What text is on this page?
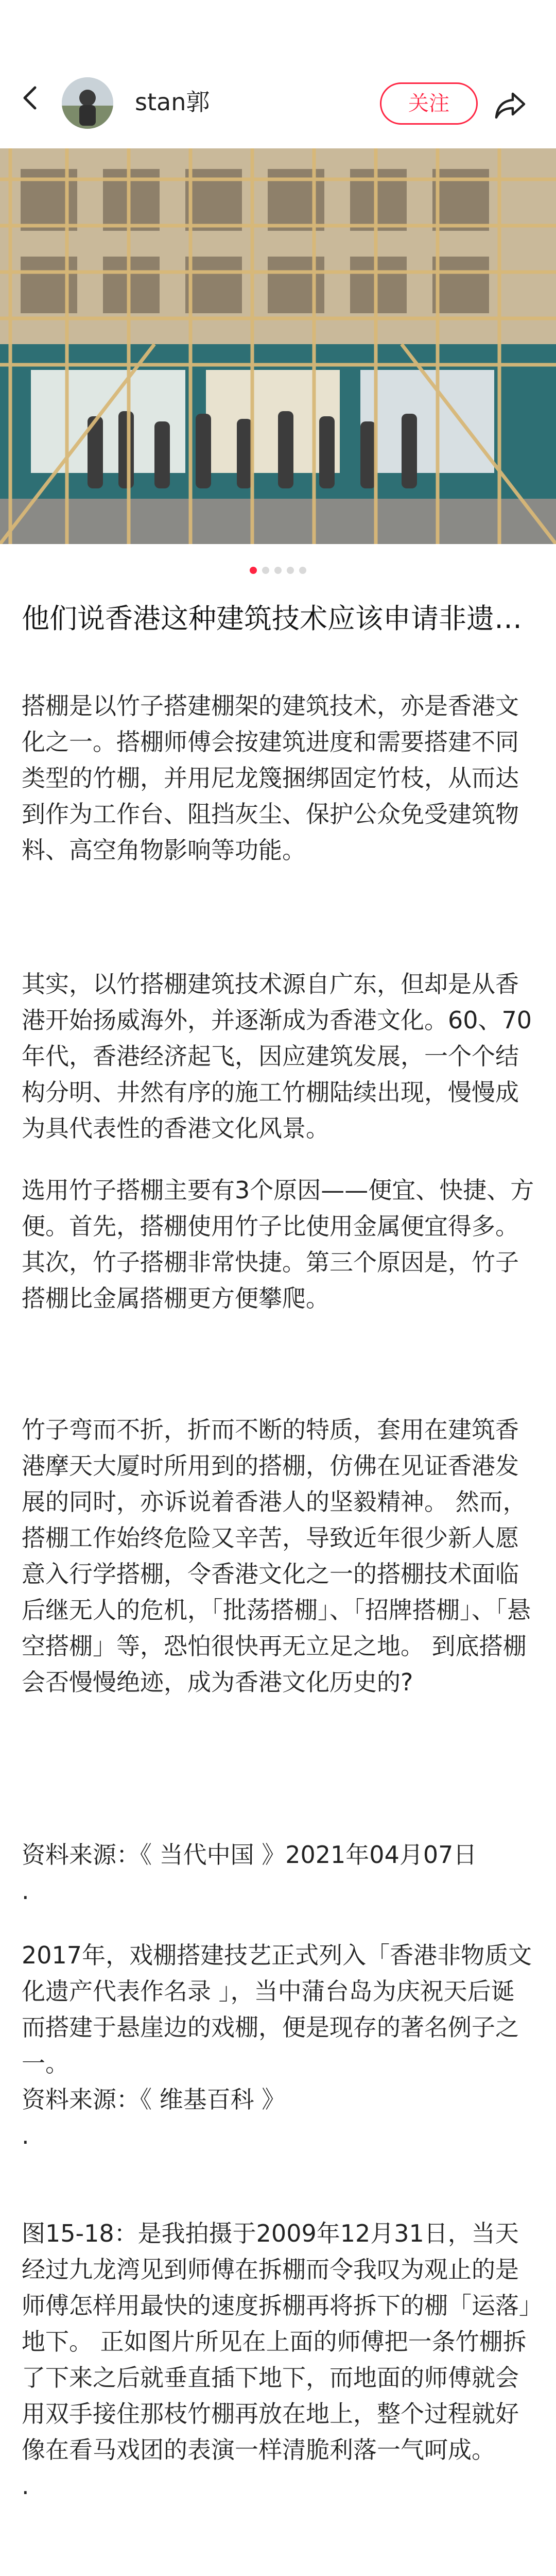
stan郭	关注

他们说香港这种建筑技术应该申请非遗…
搭棚是以竹子搭建棚架的建筑技术，亦是香港文化之一。搭棚师傅会按建筑进度和需要搭建不同类型的竹棚，并用尼龙篾捆绑固定竹枝，从而达到作为工作台、阻挡灰尘、保护公众免受建筑物料、高空角物影响等功能。
其实，以竹搭棚建筑技术源自广东，但却是从香港开始扬威海外，并逐渐成为香港文化。60、70年代，香港经济起飞，因应建筑发展，一个个结构分明、井然有序的施工竹棚陆续出现，慢慢成为具代表性的香港文化风景。
选用竹子搭棚主要有3个原因——便宜、快捷、方便。首先，搭棚使用竹子比使用金属便宜得多。 其次，竹子搭棚非常快捷。第三个原因是，竹子搭棚比金属搭棚更方便攀爬。
竹子弯而不折，折而不断的特质，套用在建筑香港摩天大厦时所用到的搭棚，仿佛在见证香港发展的同时，亦诉说着香港人的坚毅精神。 然而，搭棚工作始终危险又辛苦，导致近年很少新人愿意入行学搭棚，令香港文化之一的搭棚技术面临后继无人的危机，「批荡搭棚」、「招牌搭棚」、「悬空搭棚」等，恐怕很快再无立足之地。 到底搭棚会否慢慢绝迹，成为香港文化历史的?
资料来源：《 当代中国 》2021年04月07日
.
2017年，戏棚搭建技艺正式列入「香港非物质文化遗产代表作名录 」，当中蒲台岛为庆祝天后诞而搭建于悬崖边的戏棚，便是现存的著名例子之一。
资料来源：《 维基百科 》
.
图15-18：是我拍摄于2009年12月31日，当天经过九龙湾见到师傅在拆棚而令我叹为观止的是师傅怎样用最快的速度拆棚再将拆下的棚「运落」地下。 正如图片所见在上面的师傅把一条竹棚拆了下来之后就垂直插下地下，而地面的师傅就会用双手接住那枝竹棚再放在地上，整个过程就好像在看马戏团的表演一样清脆利落一气呵成。
.
